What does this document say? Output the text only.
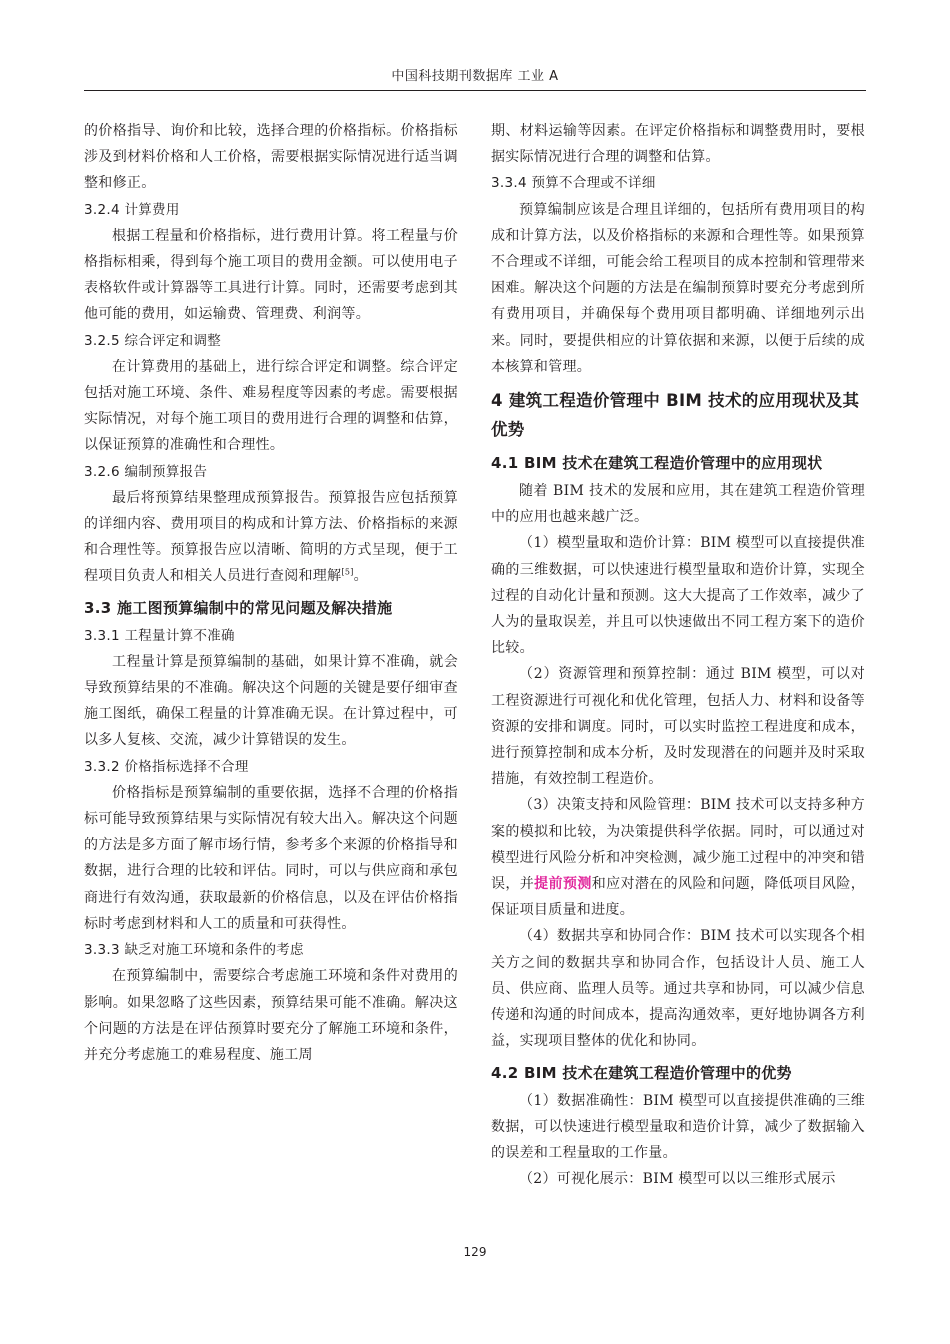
中国科技期刊数据库 工业 A

的价格指导、询价和比较，选择合理的价格指标。价格指标涉及到材料价格和人工价格，需要根据实际情况进行适当调整和修正。

3.2.4 计算费用

根据工程量和价格指标，进行费用计算。将工程量与价格指标相乘，得到每个施工项目的费用金额。可以使用电子表格软件或计算器等工具进行计算。同时，还需要考虑到其他可能的费用，如运输费、管理费、利润等。

3.2.5 综合评定和调整

在计算费用的基础上，进行综合评定和调整。综合评定包括对施工环境、条件、难易程度等因素的考虑。需要根据实际情况，对每个施工项目的费用进行合理的调整和估算，以保证预算的准确性和合理性。

3.2.6 编制预算报告

最后将预算结果整理成预算报告。预算报告应包括预算的详细内容、费用项目的构成和计算方法、价格指标的来源和合理性等。预算报告应以清晰、简明的方式呈现，便于工程项目负责人和相关人员进行查阅和理解[5]。

3.3 施工图预算编制中的常见问题及解决措施
3.3.1 工程量计算不准确

工程量计算是预算编制的基础，如果计算不准确，就会导致预算结果的不准确。解决这个问题的关键是要仔细审查施工图纸，确保工程量的计算准确无误。在计算过程中，可以多人复核、交流，减少计算错误的发生。

3.3.2 价格指标选择不合理

价格指标是预算编制的重要依据，选择不合理的价格指标可能导致预算结果与实际情况有较大出入。解决这个问题的方法是多方面了解市场行情，参考多个来源的价格指导和数据，进行合理的比较和评估。同时，可以与供应商和承包商进行有效沟通，获取最新的价格信息，以及在评估价格指标时考虑到材料和人工的质量和可获得性。

3.3.3 缺乏对施工环境和条件的考虑

在预算编制中，需要综合考虑施工环境和条件对费用的影响。如果忽略了这些因素，预算结果可能不准确。解决这个问题的方法是在评估预算时要充分了解施工环境和条件，并充分考虑施工的难易程度、施工周

期、材料运输等因素。在评定价格指标和调整费用时，要根据实际情况进行合理的调整和估算。

3.3.4 预算不合理或不详细

预算编制应该是合理且详细的，包括所有费用项目的构成和计算方法，以及价格指标的来源和合理性等。如果预算不合理或不详细，可能会给工程项目的成本控制和管理带来困难。解决这个问题的方法是在编制预算时要充分考虑到所有费用项目，并确保每个费用项目都明确、详细地列示出来。同时，要提供相应的计算依据和来源，以便于后续的成本核算和管理。

4 建筑工程造价管理中 BIM 技术的应用现状及其优势
4.1 BIM 技术在建筑工程造价管理中的应用现状

随着 BIM 技术的发展和应用，其在建筑工程造价管理中的应用也越来越广泛。

（1）模型量取和造价计算：BIM 模型可以直接提供准确的三维数据，可以快速进行模型量取和造价计算，实现全过程的自动化计量和预测。这大大提高了工作效率，减少了人为的量取误差，并且可以快速做出不同工程方案下的造价比较。

（2）资源管理和预算控制：通过 BIM 模型，可以对工程资源进行可视化和优化管理，包括人力、材料和设备等资源的安排和调度。同时，可以实时监控工程进度和成本，进行预算控制和成本分析，及时发现潜在的问题并及时采取措施，有效控制工程造价。

（3）决策支持和风险管理：BIM 技术可以支持多种方案的模拟和比较，为决策提供科学依据。同时，可以通过对模型进行风险分析和冲突检测，减少施工过程中的冲突和错误，并提前预测和应对潜在的风险和问题，降低项目风险，保证项目质量和进度。

（4）数据共享和协同合作：BIM 技术可以实现各个相关方之间的数据共享和协同合作，包括设计人员、施工人员、供应商、监理人员等。通过共享和协同，可以减少信息传递和沟通的时间成本，提高沟通效率，更好地协调各方利益，实现项目整体的优化和协同。

4.2 BIM 技术在建筑工程造价管理中的优势

（1）数据准确性：BIM 模型可以直接提供准确的三维数据，可以快速进行模型量取和造价计算，减少了数据输入的误差和工程量取的工作量。

（2）可视化展示：BIM 模型可以以三维形式展示

129
